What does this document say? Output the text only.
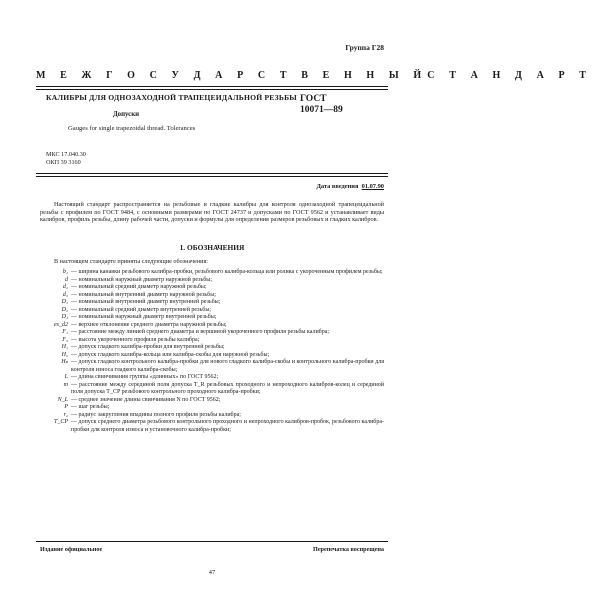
Группа Г28
М Е Ж Г О С У Д А Р С Т В Е Н Н Ы Й С Т А Н Д А Р Т
КАЛИБРЫ ДЛЯ ОДНОЗАХОДНОЙ ТРАПЕЦЕИДАЛЬНОЙ РЕЗЬБЫ
Допуски
Gauges for single trapezoidal thread. Tolerances
ГОСТ
10071—89
МКС 17.040.30
ОКП 39 3160
Дата введения 01.07.90
Настоящий стандарт распространяется на резьбовые и гладкие калибры для контроля однозаходной трапецеидальной резьбы с профилем по ГОСТ 9484, с основными размерами по ГОСТ 24737 и допусками по ГОСТ 9562 и устанавливает виды калибров, профиль резьбы, длину рабочей части, допуски и формулы для определения размеров резьбовых и гладких калибров.
1. ОБОЗНАЧЕНИЯ
В настоящем стандарте приняты следующие обозначения:
b₁ — ширина канавки резьбового калибра-пробки, резьбового калибра-кольца или ролика с укороченным профилем резьбы;
d — номинальный наружный диаметр наружной резьбы;
d₂ — номинальный средний диаметр наружной резьбы;
d₃ — номинальный внутренний диаметр наружной резьбы;
D₁ — номинальный внутренний диаметр внутренней резьбы;
D₂ — номинальный средний диаметр внутренней резьбы;
D₄ — номинальный наружный диаметр внутренней резьбы;
es_d2 — верхнее отклонение среднего диаметра наружной резьбы;
F₁ — расстояние между линией среднего диаметра и вершиной укороченного профиля резьбы калибра;
F₃ — высота укороченного профиля резьбы калибра;
H₁ — допуск гладкого калибра-пробки для внутренней резьбы;
H₂ — допуск гладкого калибра-кольца или калибра-скобы для наружной резьбы;
Hₚ — допуск гладкого контрольного калибра-пробки для нового гладкого калибра-скобы и контрольного калибра-пробки для контроля износа гладкого калибра-скобы;
L — длина свинчивания группы «длинных» по ГОСТ 9562;
m — расстояние между серединой поля допуска T_R резьбовых проходного и непроходного калибров-колец и серединой поля допуска T_CP резьбового контрольного проходного калибра-пробки;
N_L — среднее значение длины свинчивания N по ГОСТ 9562;
P — шаг резьбы;
r₂ — радиус закругления впадины полного профиля резьбы калибра;
T_CP — допуск среднего диаметра резьбового контрольного проходного и непроходного калибров-пробок, резьбового калибра-пробки для контроля износа и установочного калибра-пробки;
Издание официальное	Перепечатка воспрещена
47
